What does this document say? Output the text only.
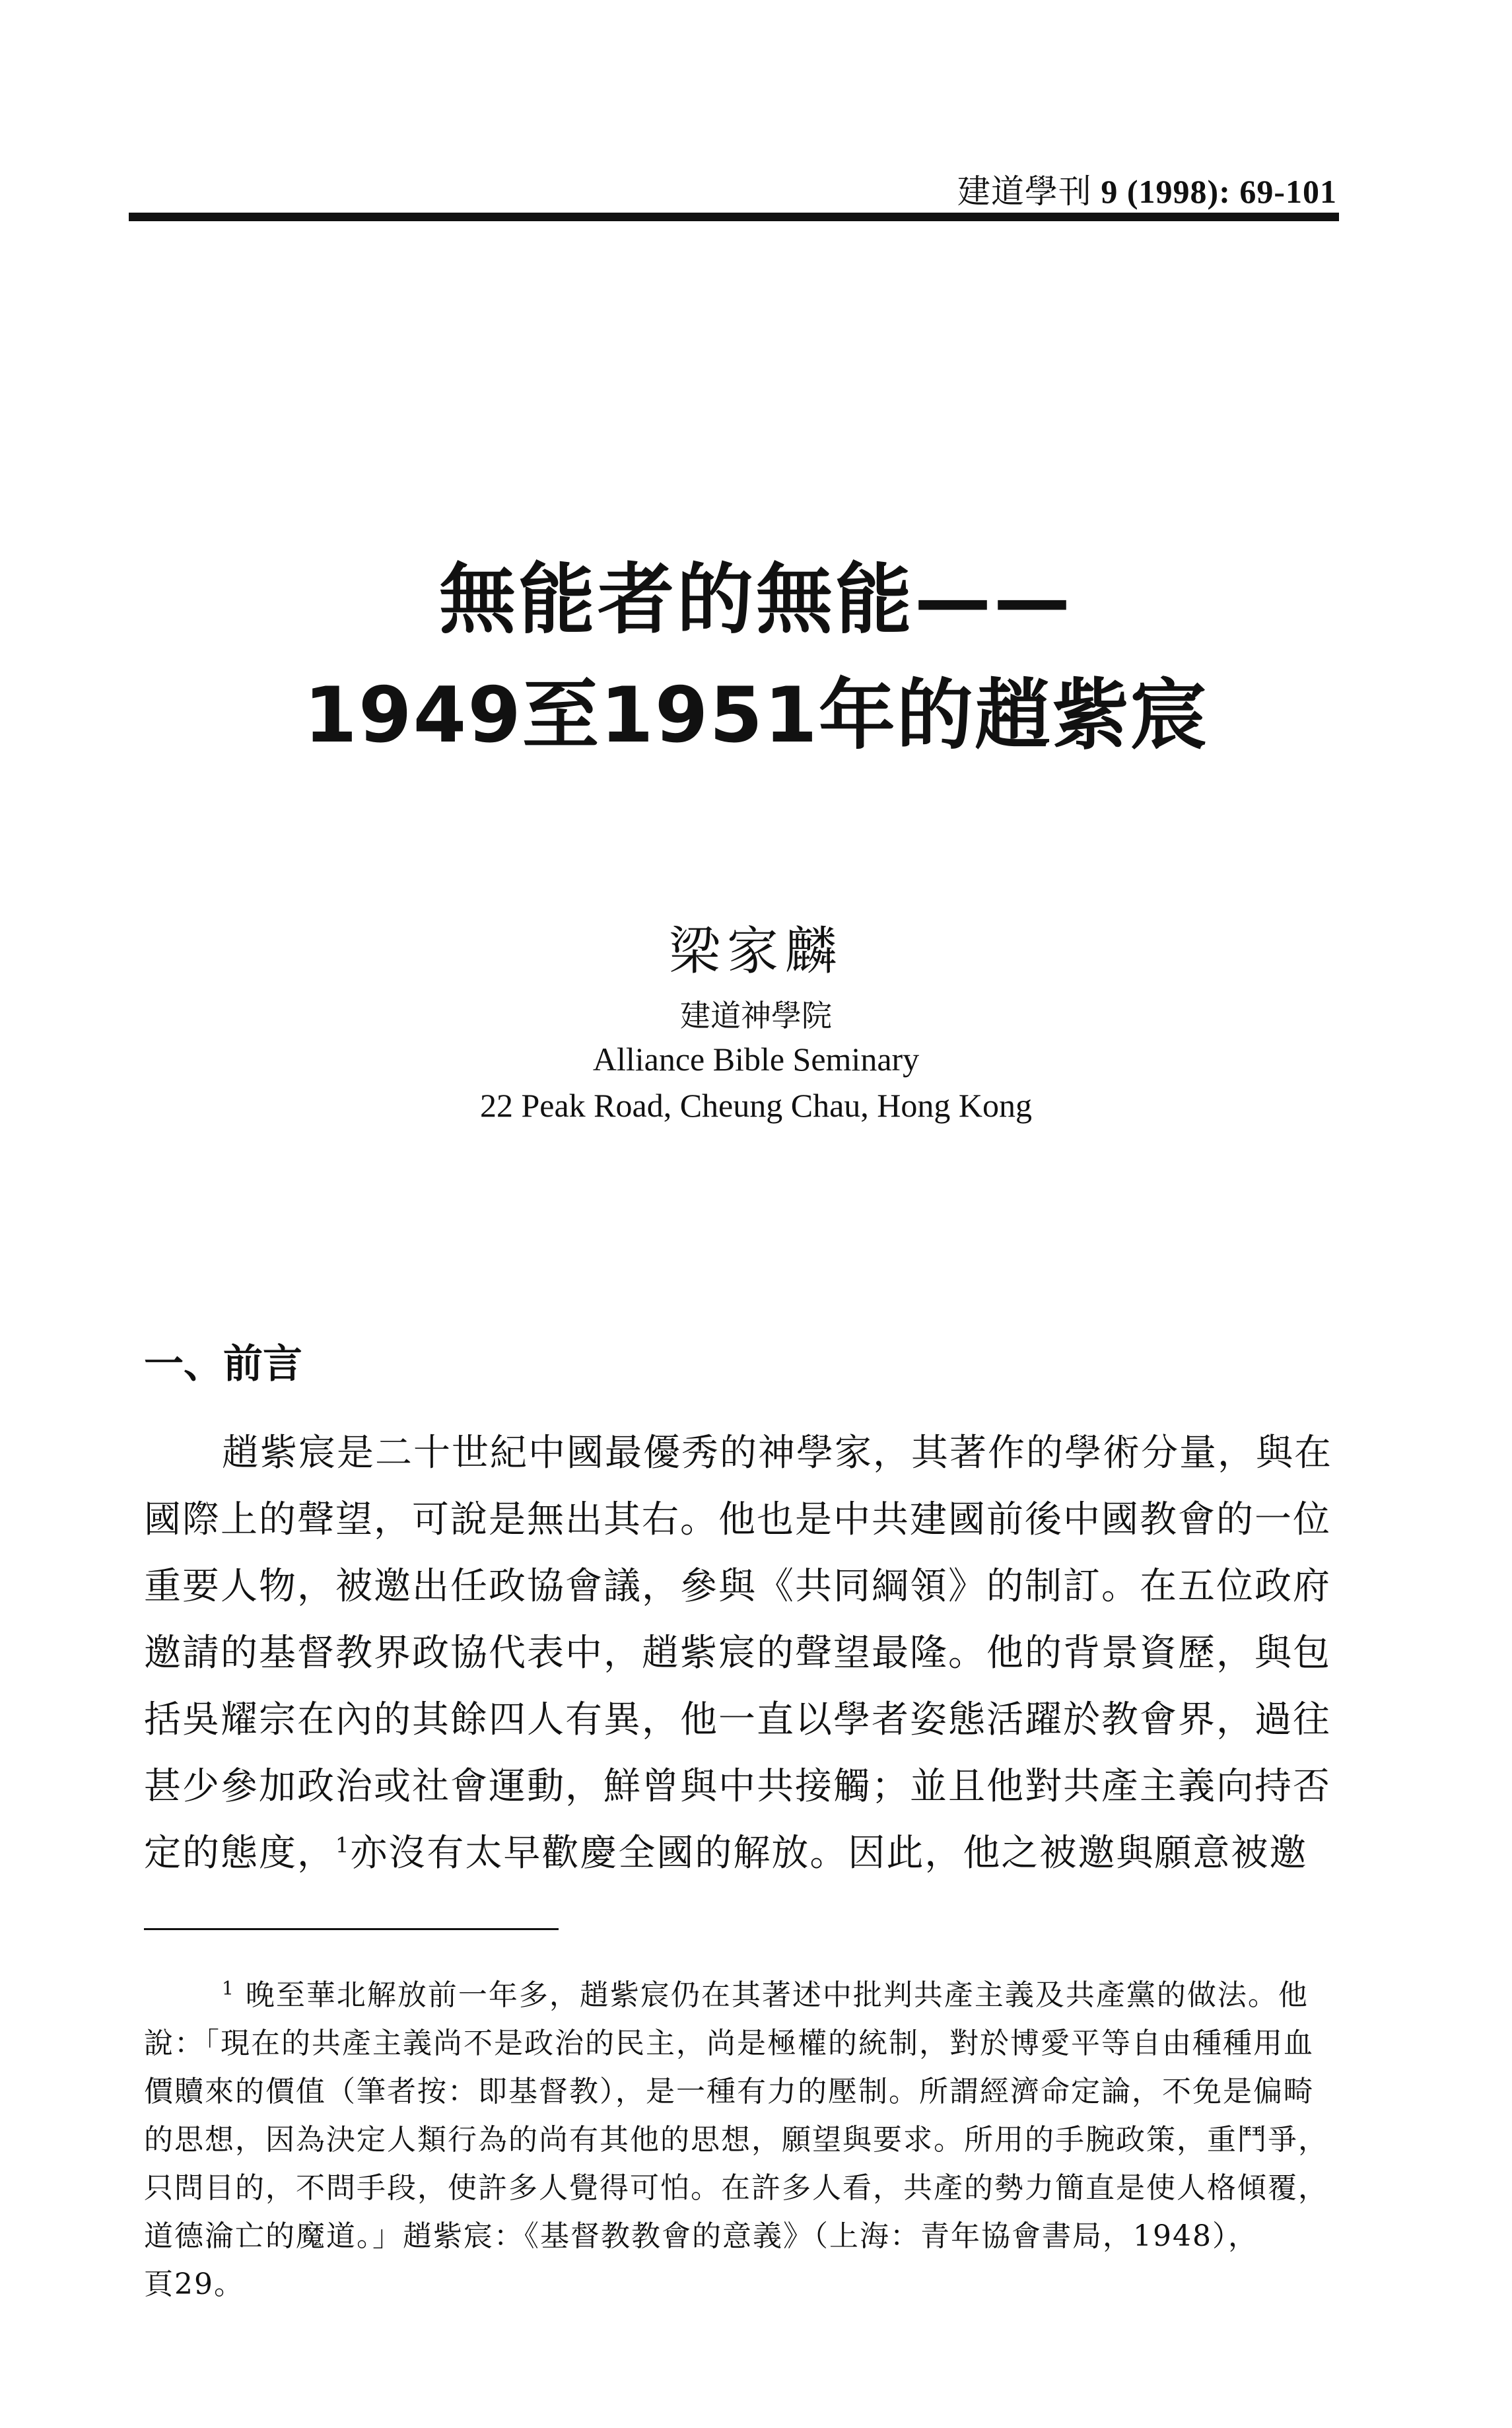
建道學刊 9 (1998): 69-101
無能者的無能——
1949至1951年的趙紫宸
梁家麟
建道神學院
Alliance Bible Seminary
22 Peak Road, Cheung Chau, Hong Kong
一、前言

趙紫宸是二十世紀中國最優秀的神學家，其著作的學術分量，與在

國際上的聲望，可說是無出其右。他也是中共建國前後中國教會的一位

重要人物，被邀出任政協會議，參與《共同綱領》的制訂。在五位政府

邀請的基督教界政協代表中，趙紫宸的聲望最隆。他的背景資歷，與包

括吳耀宗在內的其餘四人有異，他一直以學者姿態活躍於教會界，過往

甚少參加政治或社會運動，鮮曾與中共接觸；並且他對共產主義向持否

定的態度，$^1$亦沒有太早歡慶全國的解放。因此，他之被邀與願意被邀

$^1$ 晚至華北解放前一年多，趙紫宸仍在其著述中批判共產主義及共產黨的做法。他

說：「現在的共產主義尚不是政治的民主，尚是極權的統制，對於博愛平等自由種種用血

價贖來的價值（筆者按：即基督教），是一種有力的壓制。所謂經濟命定論，不免是偏畸

的思想，因為決定人類行為的尚有其他的思想，願望與要求。所用的手腕政策，重鬥爭，

只問目的，不問手段，使許多人覺得可怕。在許多人看，共產的勢力簡直是使人格傾覆，

道德淪亡的魔道。」趙紫宸：《基督教教會的意義》（上海：青年協會書局，1948），

頁29。
